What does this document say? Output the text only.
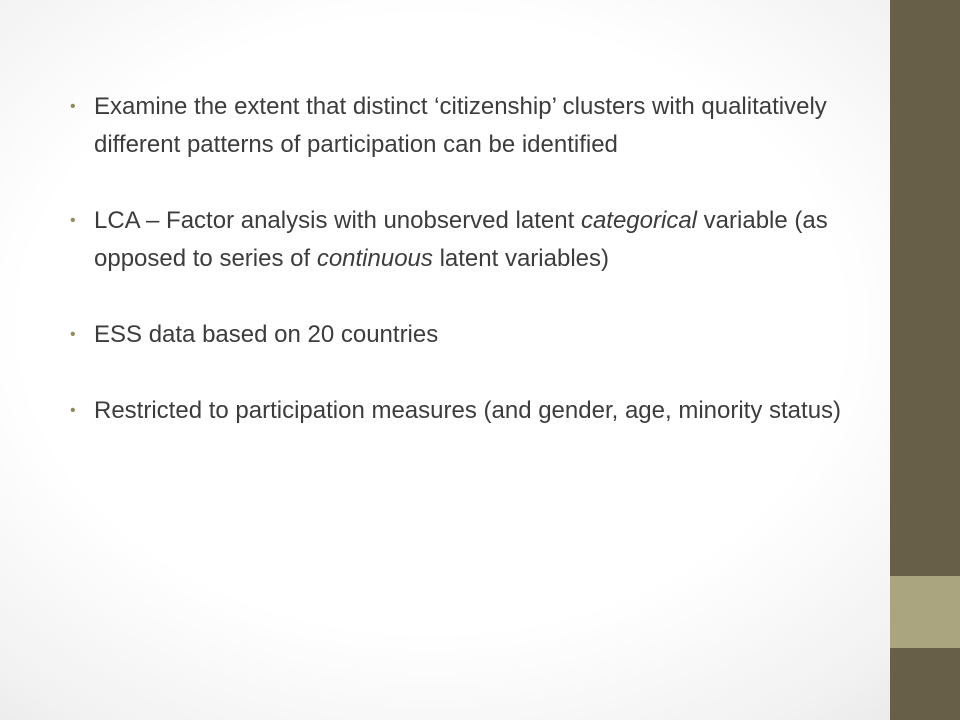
• Examine the extent that distinct ‘citizenship’ clusters with qualitatively different patterns of participation can be identified
• LCA – Factor analysis with unobserved latent categorical variable (as opposed to series of continuous latent variables)
• ESS data based on 20 countries
• Restricted to participation measures (and gender, age, minority status)
